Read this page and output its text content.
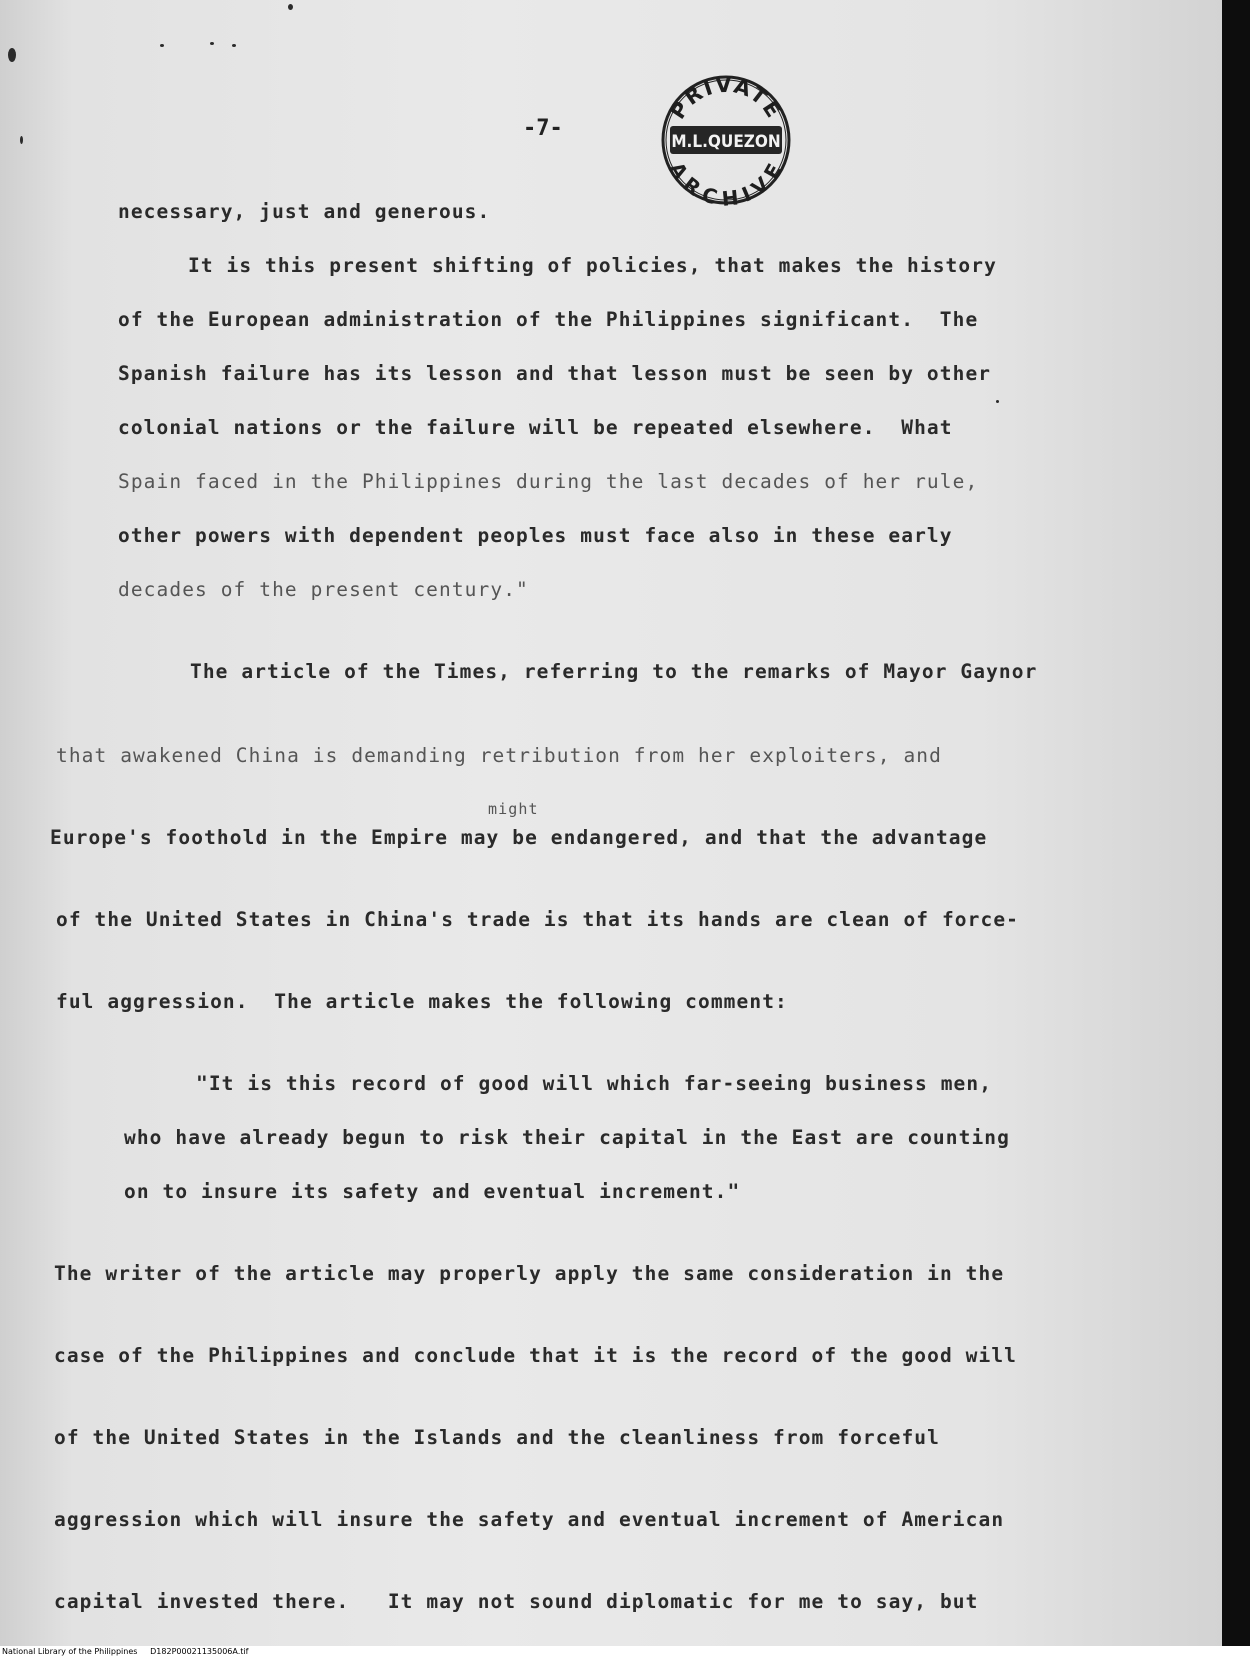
-7-
PRIVATE
M.L.QUEZON
ARCHIVE
necessary, just and generous.
It is this present shifting of policies, that makes the history
of the European administration of the Philippines significant.  The
Spanish failure has its lesson and that lesson must be seen by other
colonial nations or the failure will be repeated elsewhere.  What
Spain faced in the Philippines during the last decades of her rule,
other powers with dependent peoples must face also in these early
decades of the present century."
The article of the Times, referring to the remarks of Mayor Gaynor
that awakened China is demanding retribution from her exploiters, and
might
Europe's foothold in the Empire may be endangered, and that the advantage
of the United States in China's trade is that its hands are clean of force-
ful aggression.  The article makes the following comment:
"It is this record of good will which far-seeing business men,
who have already begun to risk their capital in the East are counting
on to insure its safety and eventual increment."
The writer of the article may properly apply the same consideration in the
case of the Philippines and conclude that it is the record of the good will
of the United States in the Islands and the cleanliness from forceful
aggression which will insure the safety and eventual increment of American
capital invested there.   It may not sound diplomatic for me to say, but
National Library of the Philippines     D182P00021135006A.tif
